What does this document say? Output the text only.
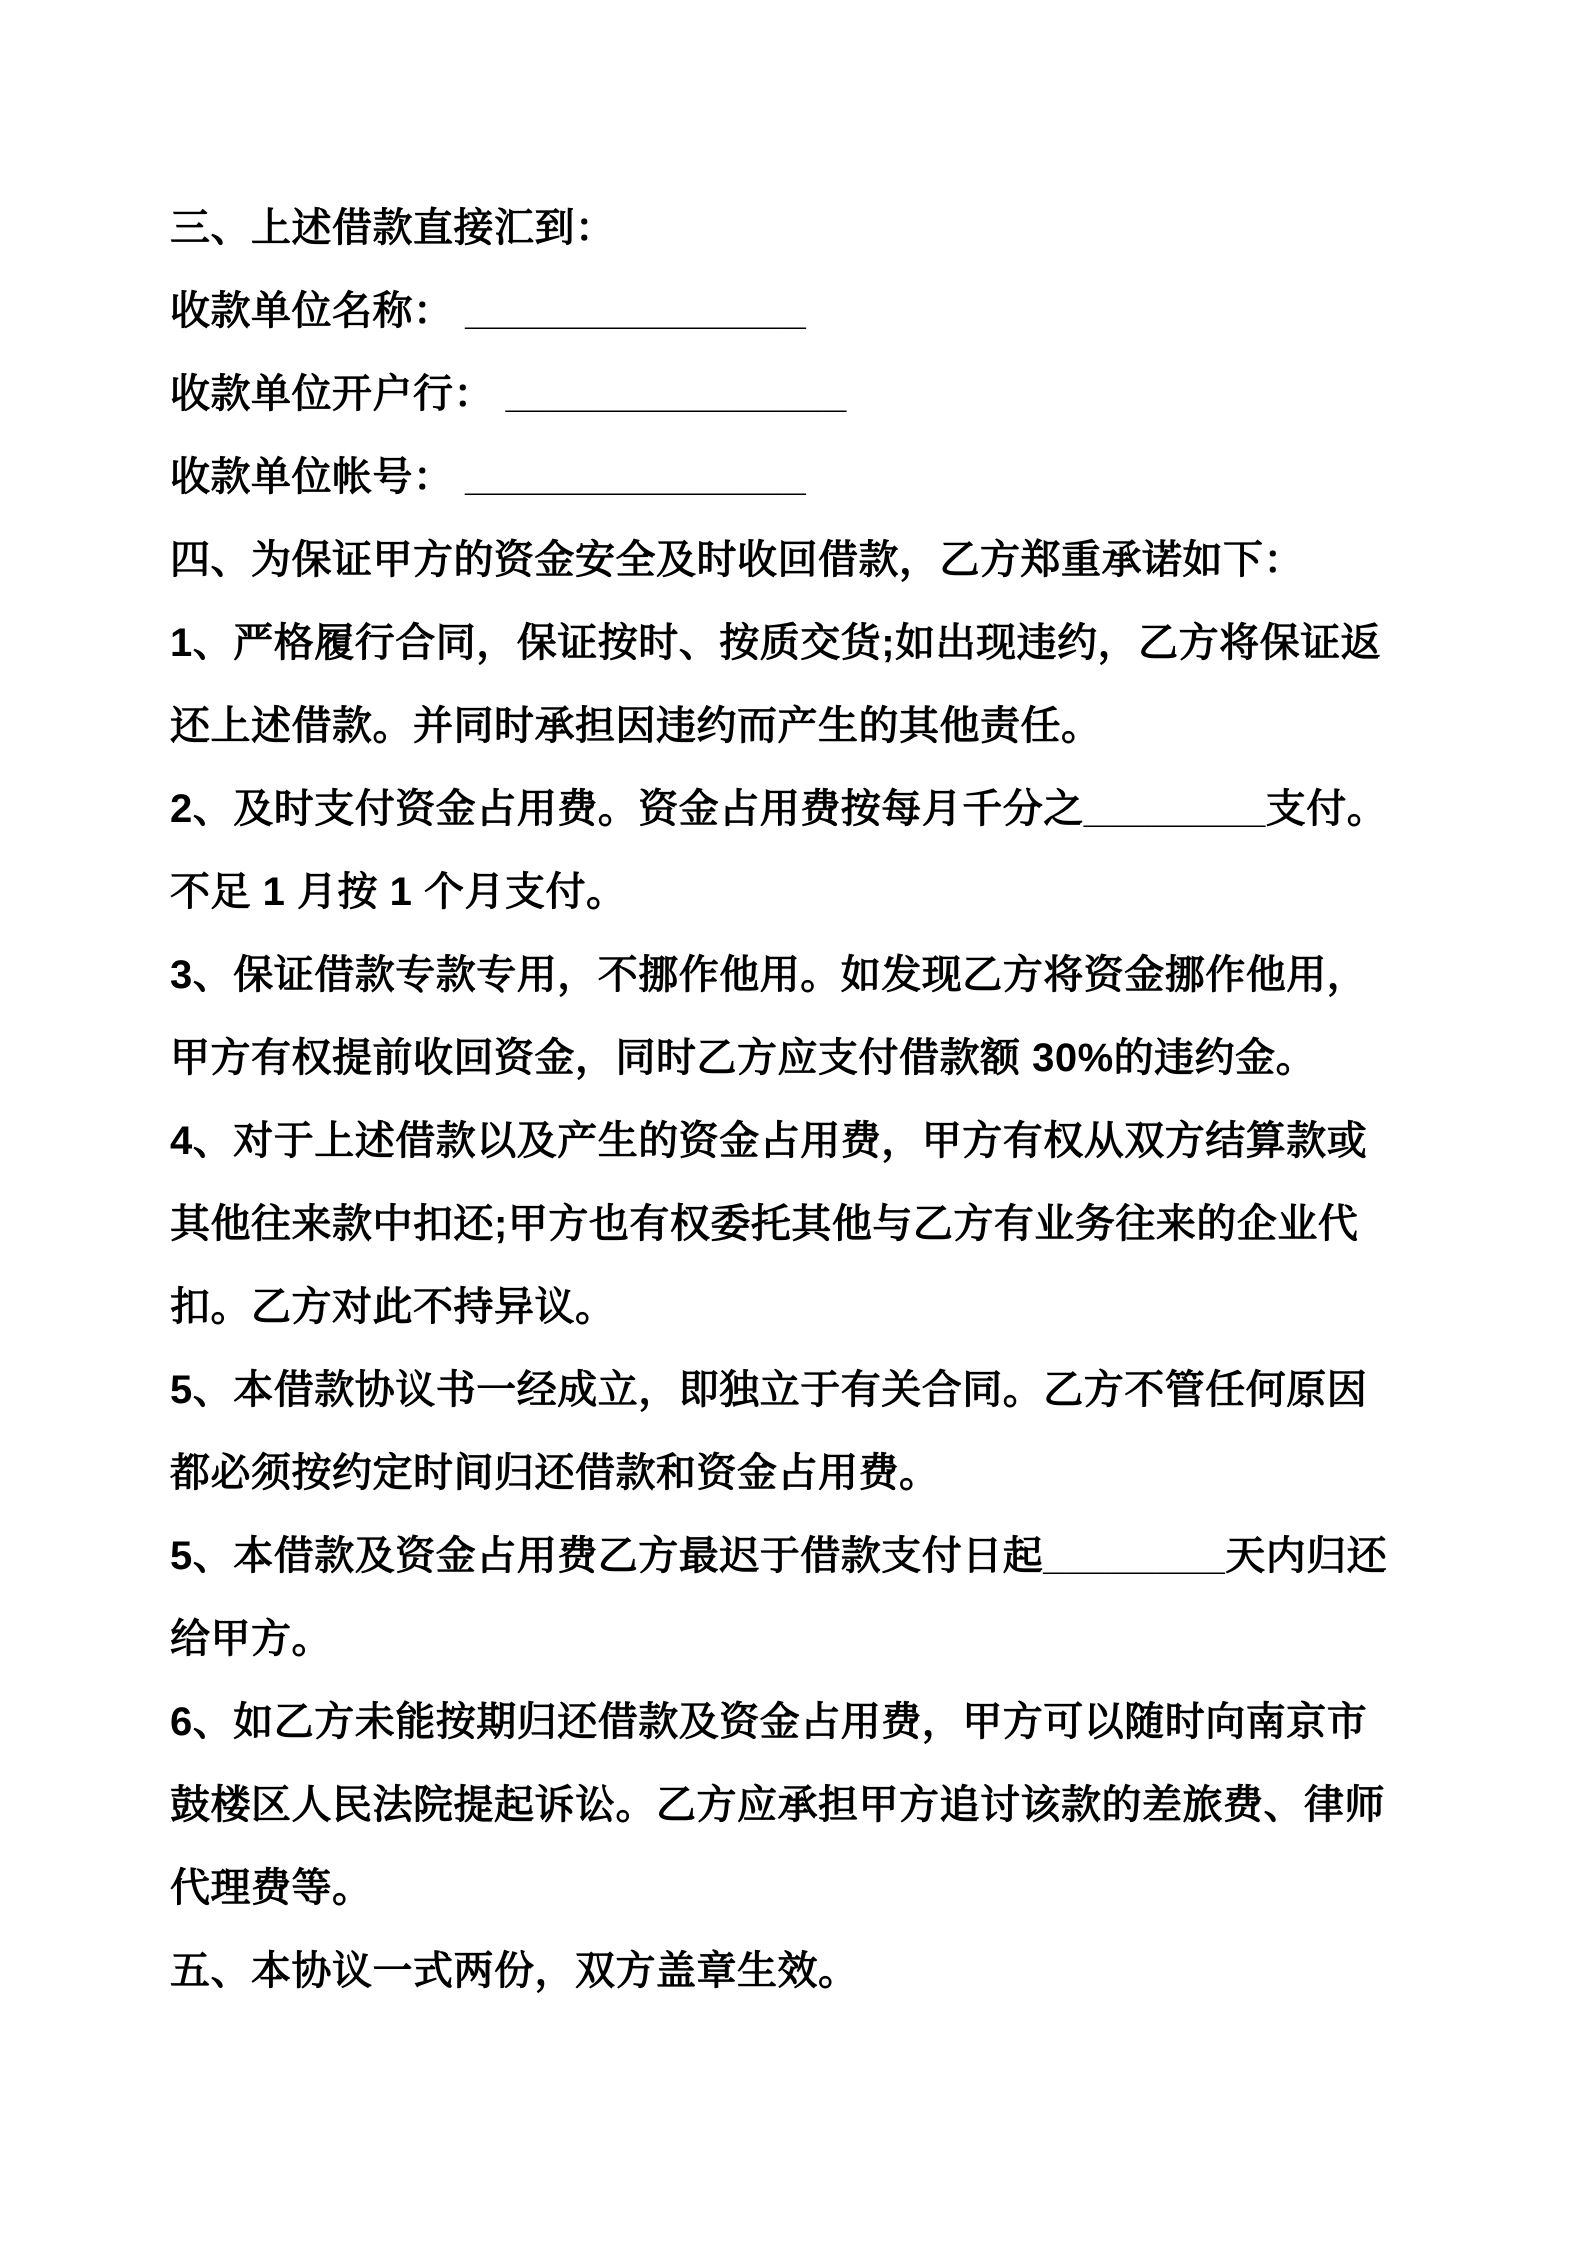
三、上述借款直接汇到：
收款单位名称： _______________
收款单位开户行： _______________
收款单位帐号： _______________
四、为保证甲方的资金安全及时收回借款，乙方郑重承诺如下：
1、严格履行合同，保证按时、按质交货;如出现违约，乙方将保证返
还上述借款。并同时承担因违约而产生的其他责任。
2、及时支付资金占用费。资金占用费按每月千分之________支付。
不足 1 月按 1 个月支付。
3、保证借款专款专用，不挪作他用。如发现乙方将资金挪作他用，
甲方有权提前收回资金，同时乙方应支付借款额 30%的违约金。
4、对于上述借款以及产生的资金占用费，甲方有权从双方结算款或
其他往来款中扣还;甲方也有权委托其他与乙方有业务往来的企业代
扣。乙方对此不持异议。
5、本借款协议书一经成立，即独立于有关合同。乙方不管任何原因
都必须按约定时间归还借款和资金占用费。
5、本借款及资金占用费乙方最迟于借款支付日起________天内归还
给甲方。
6、如乙方未能按期归还借款及资金占用费，甲方可以随时向南京市
鼓楼区人民法院提起诉讼。乙方应承担甲方追讨该款的差旅费、律师
代理费等。
五、本协议一式两份，双方盖章生效。
